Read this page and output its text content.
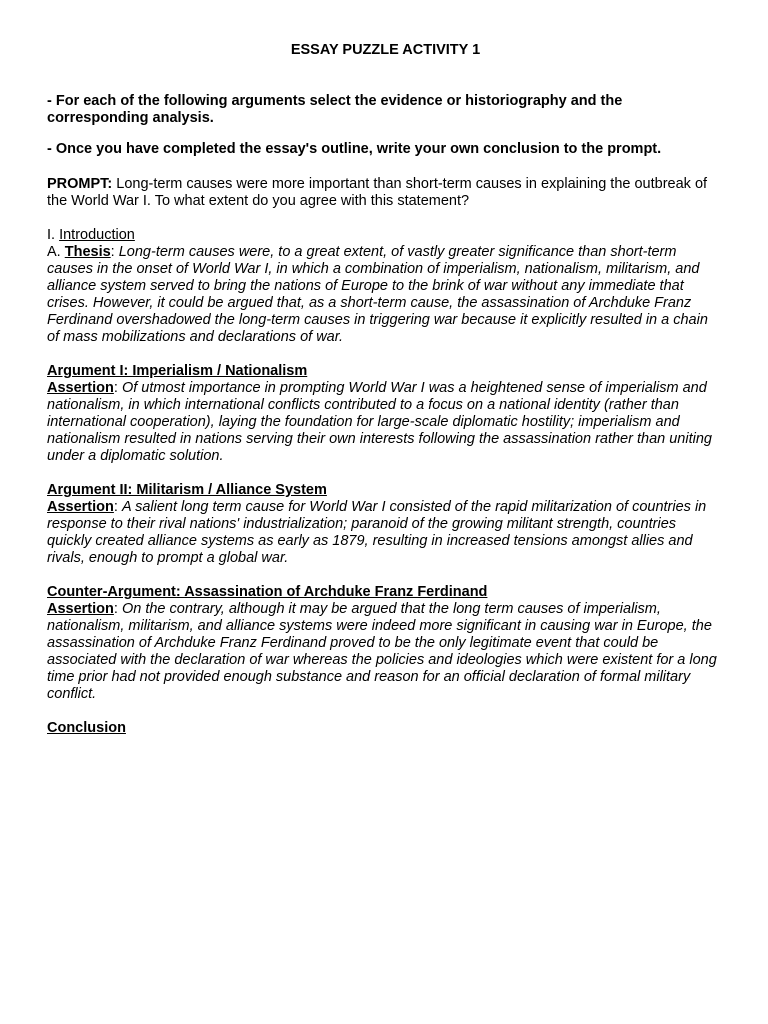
ESSAY PUZZLE ACTIVITY 1
- For each of the following arguments select the evidence or historiography and the corresponding analysis.
- Once you have completed the essay's outline, write your own conclusion to the prompt.
PROMPT: Long-term causes were more important than short-term causes in explaining the outbreak of the World War I. To what extent do you agree with this statement?
I. Introduction
A. Thesis: Long-term causes were, to a great extent, of vastly greater significance than short-term causes in the onset of World War I, in which a combination of imperialism, nationalism, militarism, and alliance system served to bring the nations of Europe to the brink of war without any immediate that crises. However, it could be argued that, as a short-term cause, the assassination of Archduke Franz Ferdinand overshadowed the long-term causes in triggering war because it explicitly resulted in a chain of mass mobilizations and declarations of war.
Argument I: Imperialism / Nationalism
Assertion: Of utmost importance in prompting World War I was a heightened sense of imperialism and nationalism, in which international conflicts contributed to a focus on a national identity (rather than international cooperation), laying the foundation for large-scale diplomatic hostility; imperialism and nationalism resulted in nations serving their own interests following the assassination rather than uniting under a diplomatic solution.
Argument II: Militarism / Alliance System
Assertion: A salient long term cause for World War I consisted of the rapid militarization of countries in response to their rival nations' industrialization; paranoid of the growing militant strength, countries quickly created alliance systems as early as 1879, resulting in increased tensions amongst allies and rivals, enough to prompt a global war.
Counter-Argument: Assassination of Archduke Franz Ferdinand
Assertion: On the contrary, although it may be argued that the long term causes of imperialism, nationalism, militarism, and alliance systems were indeed more significant in causing war in Europe, the assassination of Archduke Franz Ferdinand proved to be the only legitimate event that could be associated with the declaration of war whereas the policies and ideologies which were existent for a long time prior had not provided enough substance and reason for an official declaration of formal military conflict.
Conclusion
